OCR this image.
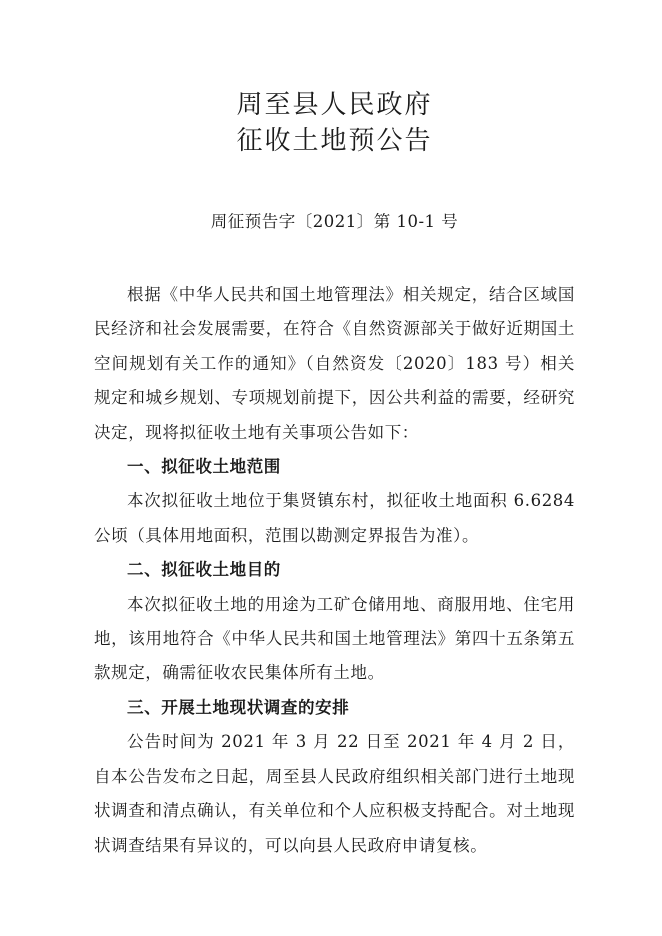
周至县人民政府
征收土地预公告
周征预告字〔2021〕第 10-1 号

根据《中华人民共和国土地管理法》相关规定，结合区域国民经济和社会发展需要，在符合《自然资源部关于做好近期国土空间规划有关工作的通知》（自然资发〔2020〕183 号）相关规定和城乡规划、专项规划前提下，因公共利益的需要，经研究决定，现将拟征收土地有关事项公告如下：

一、拟征收土地范围

本次拟征收土地位于集贤镇东村，拟征收土地面积 6.6284 公顷（具体用地面积，范围以勘测定界报告为准）。

二、拟征收土地目的

本次拟征收土地的用途为工矿仓储用地、商服用地、住宅用地，该用地符合《中华人民共和国土地管理法》第四十五条第五款规定，确需征收农民集体所有土地。

三、开展土地现状调查的安排

公告时间为 2021 年 3 月 22 日至 2021 年 4 月 2 日，自本公告发布之日起，周至县人民政府组织相关部门进行土地现状调查和清点确认，有关单位和个人应积极支持配合。对土地现状调查结果有异议的，可以向县人民政府申请复核。
